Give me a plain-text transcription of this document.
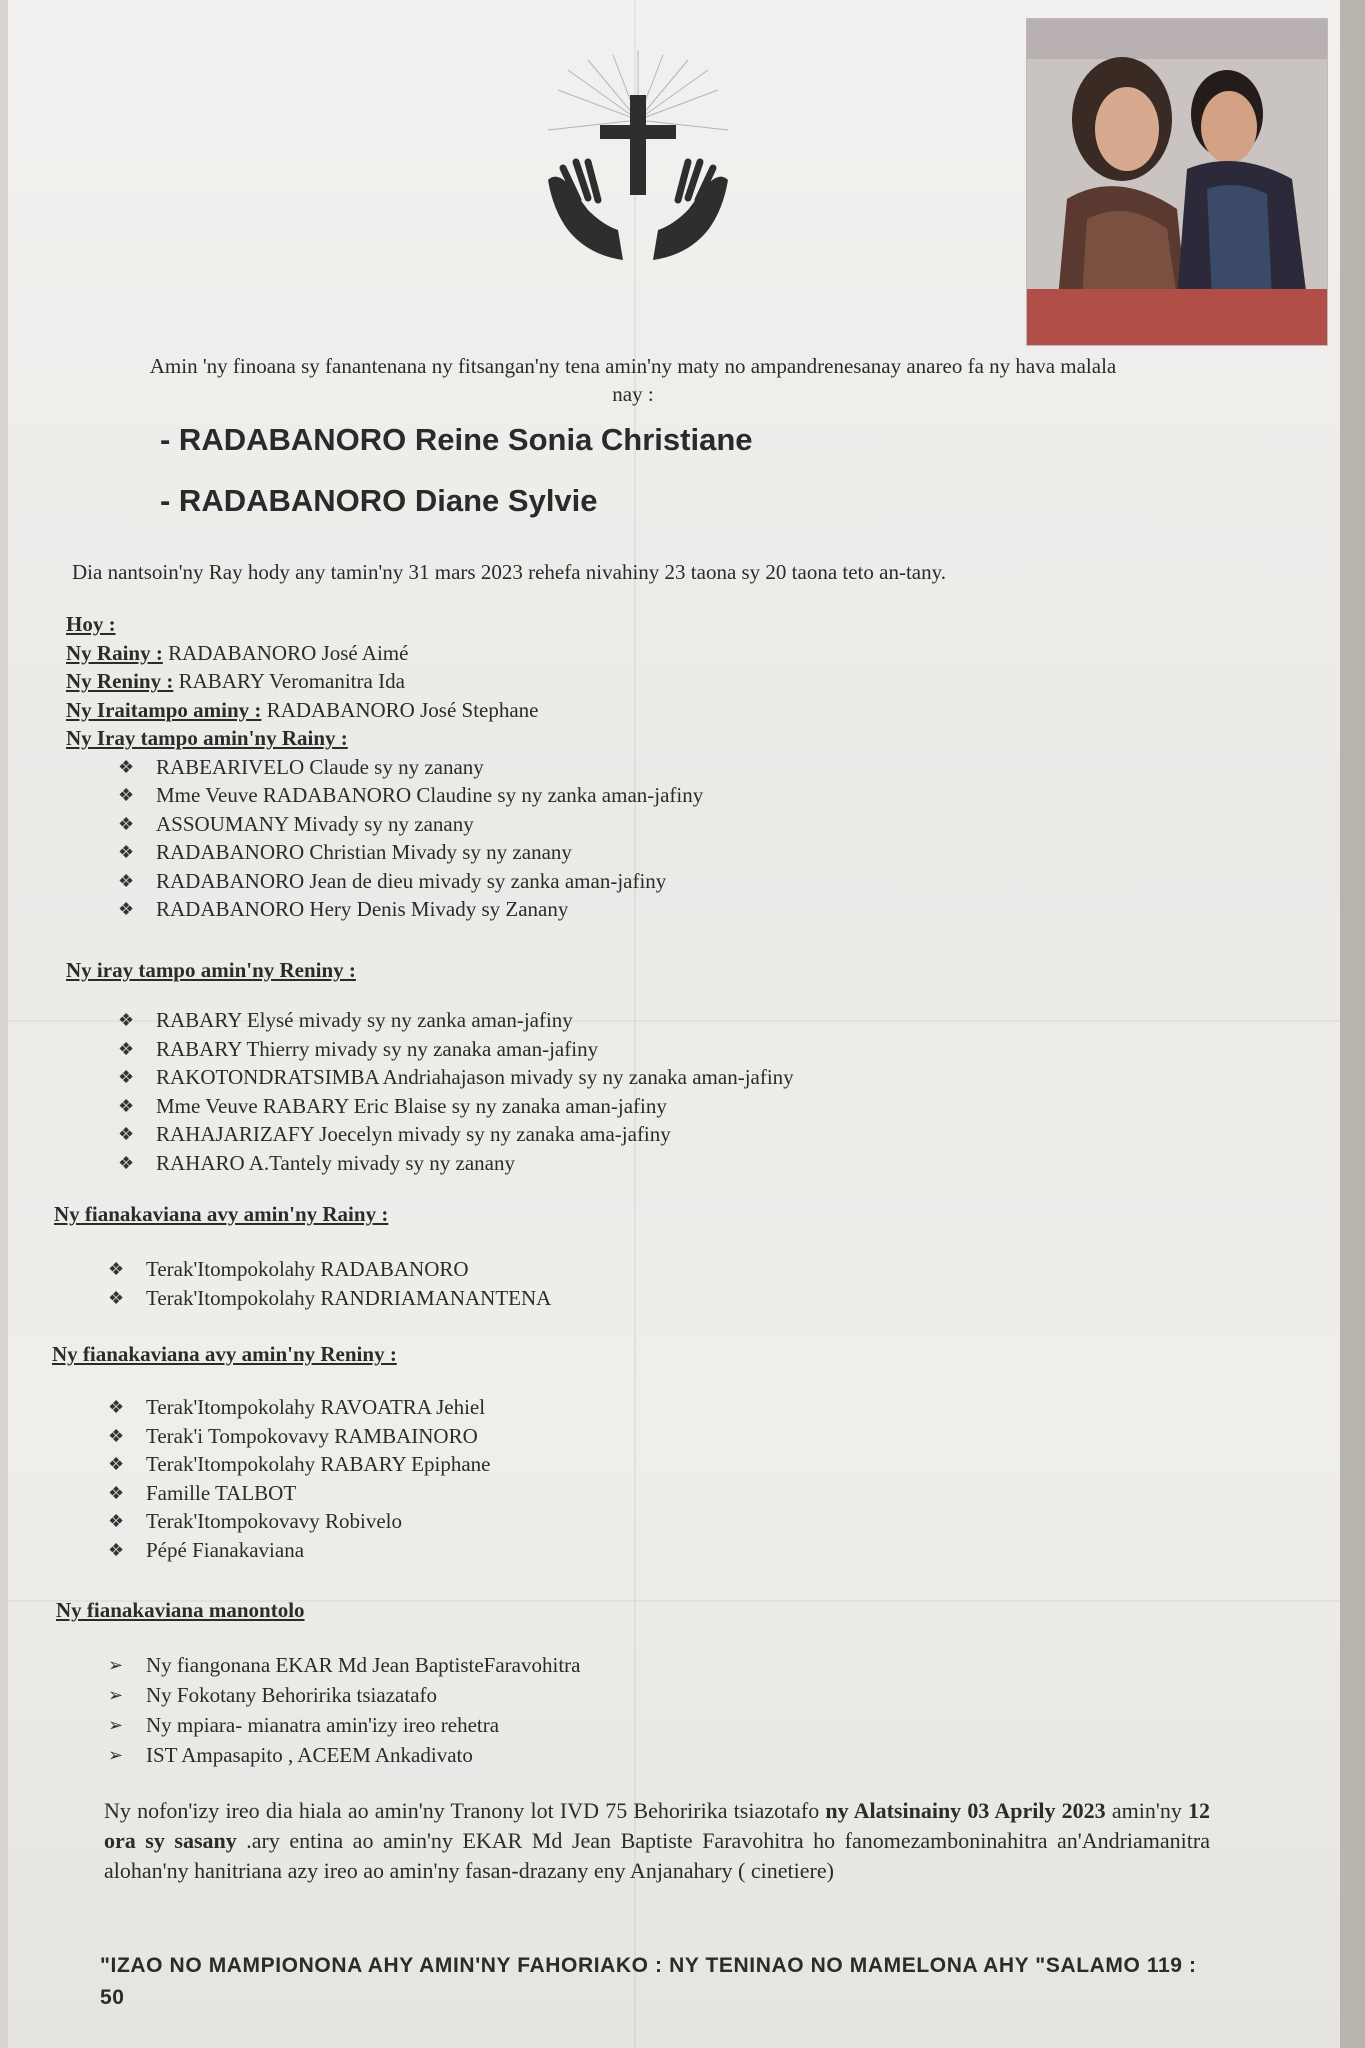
Amin 'ny finoana sy fanantenana ny fitsangan'ny tena amin'ny maty no ampandrenesanay anareo fa ny hava malala nay :
- RADABANORO Reine Sonia Christiane
- RADABANORO Diane Sylvie
Dia nantsoin'ny Ray hody any tamin'ny 31 mars 2023 rehefa nivahiny 23 taona sy 20 taona teto an-tany.
Hoy :
Ny Rainy : RADABANORO José Aimé
Ny Reniny : RABARY Veromanitra Ida
Ny Iraitampo aminy : RADABANORO José Stephane
Ny Iray tampo amin'ny Rainy :
❖ RABEARIVELO Claude sy ny zanany
❖ Mme Veuve RADABANORO Claudine sy ny zanka aman-jafiny
❖ ASSOUMANY Mivady sy ny zanany
❖ RADABANORO Christian Mivady sy ny zanany
❖ RADABANORO Jean de dieu mivady sy zanka aman-jafiny
❖ RADABANORO Hery Denis Mivady sy Zanany
Ny iray tampo amin'ny Reniny :
❖ RABARY Elysé mivady sy ny zanka aman-jafiny
❖ RABARY Thierry mivady sy ny zanaka aman-jafiny
❖ RAKOTONDRATSIMBA Andriahajason mivady sy ny zanaka aman-jafiny
❖ Mme Veuve RABARY Eric Blaise sy ny zanaka aman-jafiny
❖ RAHAJARIZAFY Joecelyn mivady sy ny zanaka ama-jafiny
❖ RAHARO A.Tantely mivady sy ny zanany
Ny fianakaviana avy amin'ny Rainy :
❖ Terak'Itompokolahy RADABANORO
❖ Terak'Itompokolahy RANDRIAMANANTENA
Ny fianakaviana avy amin'ny Reniny :
❖ Terak'Itompokolahy RAVOATRA Jehiel
❖ Terak'i Tompokovavy RAMBAINORO
❖ Terak'Itompokolahy RABARY Epiphane
❖ Famille TALBOT
❖ Terak'Itompokovavy Robivelo
❖ Pépé Fianakaviana
Ny fianakaviana manontolo
➢ Ny fiangonana EKAR Md Jean BaptisteFaravohitra
➢ Ny Fokotany Behoririka tsiazatafo
➢ Ny mpiara- mianatra amin'izy ireo rehetra
➢ IST Ampasapito , ACEEM Ankadivato
Ny nofon'izy ireo dia hiala ao amin'ny Tranony lot IVD 75 Behoririka tsiazotafo ny Alatsinainy 03 Aprily 2023 amin'ny 12 ora sy sasany .ary entina ao amin'ny EKAR Md Jean Baptiste Faravohitra ho fanomezamboninahitra an'Andriamanitra alohan'ny hanitriana azy ireo ao amin'ny fasan-drazany eny Anjanahary ( cinetiere)
"IZAO NO MAMPIONONA AHY AMIN'NY FAHORIAKO : NY TENINAO NO MAMELONA AHY "SALAMO 119 : 50
